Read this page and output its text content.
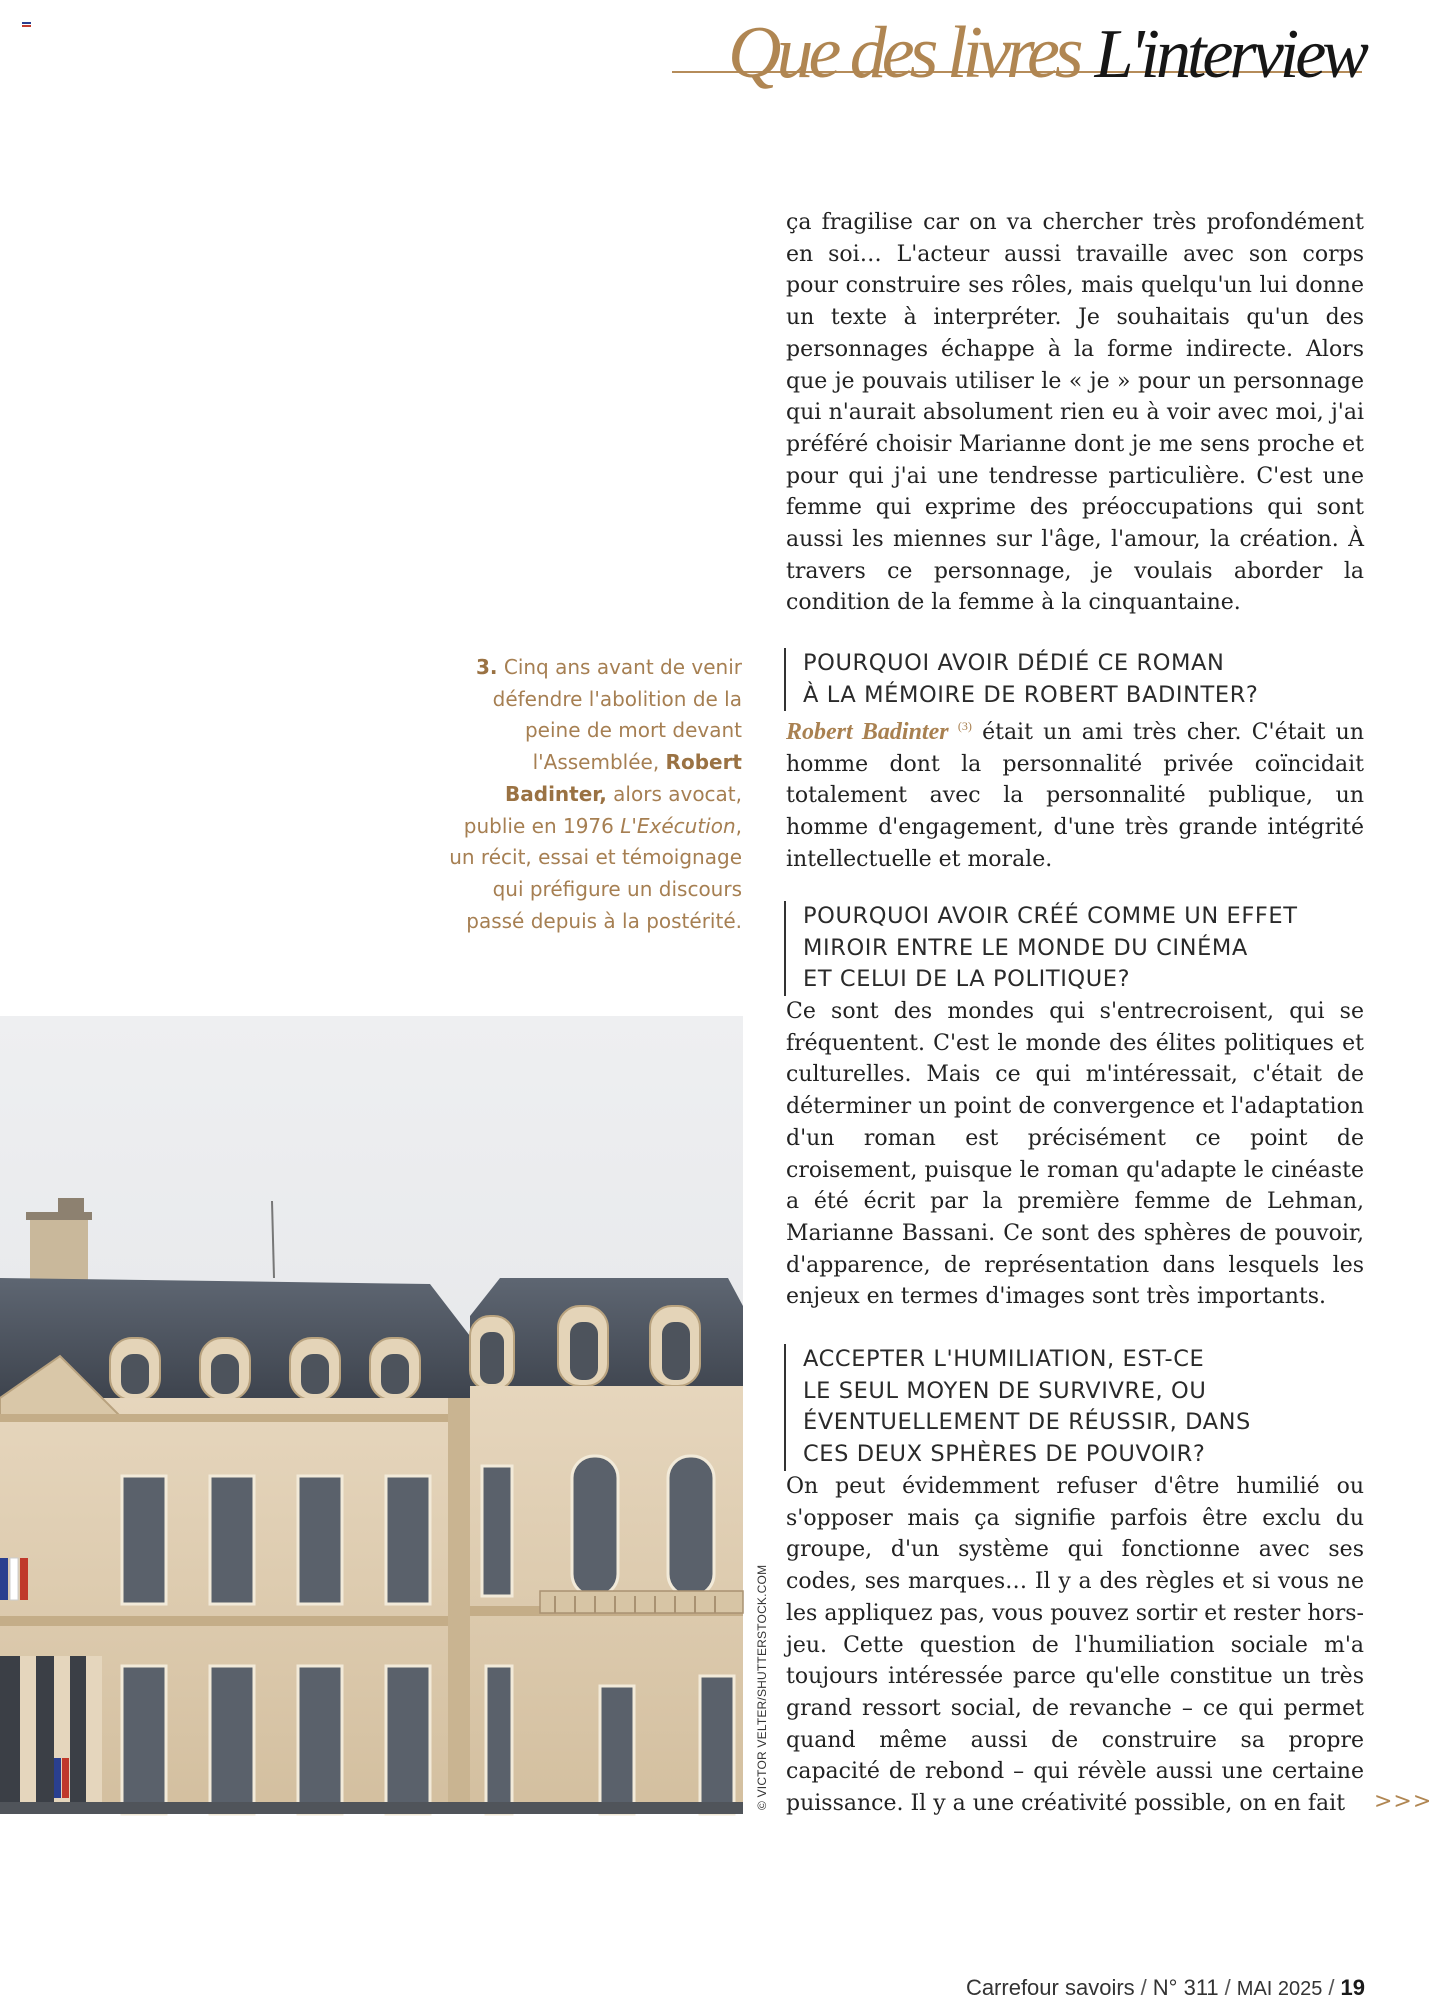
Que des livres L'interview

ça fragilise car on va chercher très profondément en soi… L'acteur aussi travaille avec son corps pour construire ses rôles, mais quelqu'un lui donne un texte à interpréter. Je souhaitais qu'un des personnages échappe à la forme indirecte. Alors que je pouvais utiliser le « je » pour un personnage qui n'aurait absolument rien eu à voir avec moi, j'ai préféré choisir Marianne dont je me sens proche et pour qui j'ai une tendresse particulière. C'est une femme qui exprime des préoccupations qui sont aussi les miennes sur l'âge, l'amour, la création. À travers ce personnage, je voulais aborder la condition de la femme à la cinquantaine.

POURQUOI AVOIR DÉDIÉ CE ROMAN
À LA MÉMOIRE DE ROBERT BADINTER?

Robert Badinter $^{(3)}$ était un ami très cher. C'était un homme dont la personnalité privée coïncidait totalement avec la personnalité publique, un homme d'engagement, d'une très grande intégrité intellectuelle et morale.

POURQUOI AVOIR CRÉÉ COMME UN EFFET
MIROIR ENTRE LE MONDE DU CINÉMA
ET CELUI DE LA POLITIQUE?

Ce sont des mondes qui s'entrecroisent, qui se fréquentent. C'est le monde des élites politiques et culturelles. Mais ce qui m'intéressait, c'était de déterminer un point de convergence et l'adaptation d'un roman est précisément ce point de croisement, puisque le roman qu'adapte le cinéaste a été écrit par la première femme de Lehman, Marianne Bassani. Ce sont des sphères de pouvoir, d'apparence, de représentation dans lesquels les enjeux en termes d'images sont très importants.

ACCEPTER L'HUMILIATION, EST-CE
LE SEUL MOYEN DE SURVIVRE, OU
ÉVENTUELLEMENT DE RÉUSSIR, DANS
CES DEUX SPHÈRES DE POUVOIR?

On peut évidemment refuser d'être humilié ou s'opposer mais ça signifie parfois être exclu du groupe, d'un système qui fonctionne avec ses codes, ses marques… Il y a des règles et si vous ne les appliquez pas, vous pouvez sortir et rester hors-jeu. Cette question de l'humiliation sociale m'a toujours intéressée parce qu'elle constitue un très grand ressort social, de revanche – ce qui permet quand même aussi de construire sa propre capacité de rebond – qui révèle aussi une certaine puissance. Il y a une créativité possible, on en fait	>>>
3. Cinq ans avant de venir défendre l'abolition de la peine de mort devant l'Assemblée, Robert Badinter, alors avocat, publie en 1976 L'Exécution, un récit, essai et témoignage qui préfigure un discours passé depuis à la postérité.
© VICTOR VELTER/SHUTTERSTOCK.COM
Carrefour savoirs / N° 311 / MAI 2025 / 19
